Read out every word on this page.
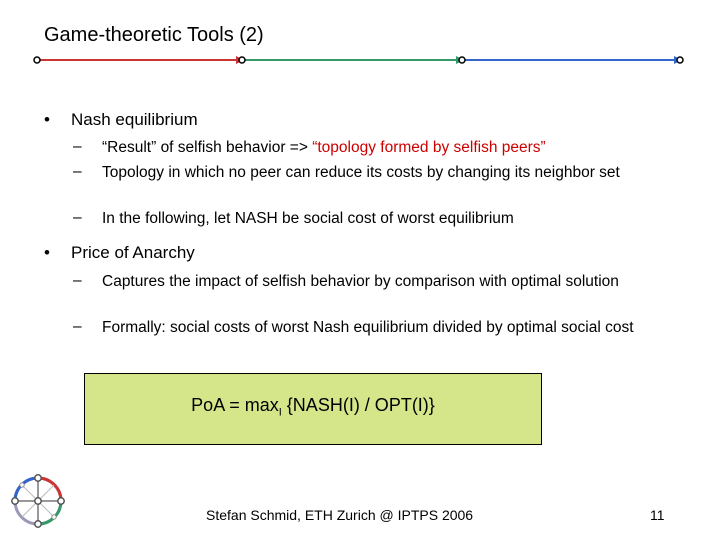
Game-theoretic Tools (2)
• Nash equilibrium
– “Result” of selfish behavior => “topology formed by selfish peers”
– Topology in which no peer can reduce its costs by changing its neighbor set
– In the following, let NASH be social cost of worst equilibrium
• Price of Anarchy
– Captures the impact of selfish behavior by comparison with optimal solution
– Formally: social costs of worst Nash equilibrium divided by optimal social cost
PoA = $\max_I$ {NASH(I) / OPT(I)}
Stefan Schmid, ETH Zurich @ IPTPS 2006	11
